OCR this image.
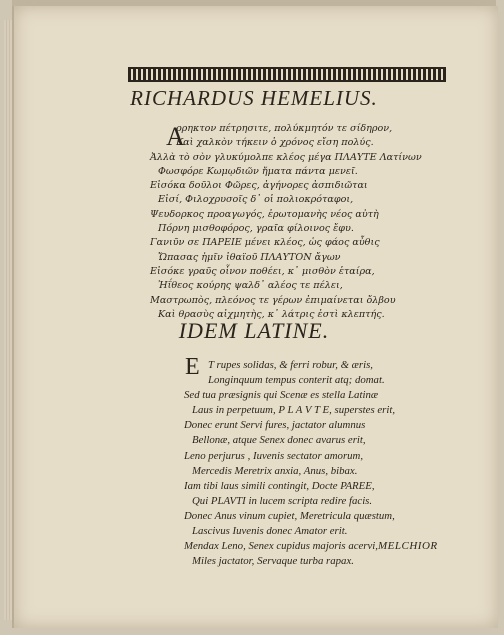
RICHARDUS HEMELIUS.
A
ρρηκτον πέτρησιτε, πολύκμητόν τε σίδηρον,
Καὶ χαλκὸν τήκειν ὁ χρόνος εἴση πολύς.
Ἀλλὰ τὸ σὸν γλυκύμολπε κλέος μέγα ΠΛΑΥΤΕ Λατίνων
Φωσφόρε Κωμῳδιῶν ἤματα πάντα μενεῖ.
Εἰσόκα δοῦλοι Φῶρες, ἀγήνορες ἀσπιδιῶται
Εἰσί, Φιλοχρυσοῖς δ᾽ οἱ πολιοκρόταφοι,
Ψευδορκος προαγωγός, ἐρωτομανὴς νέος αὐτὴ
Πόρνη μισθοφόρος, γραῖα φίλοινος ἔφυ.
Γανιῦν σε ΠΑΡΕΙΕ μένει κλέος, ὡς φάος αὖθις
Ὤπασας ἡμῖν ἰθαϊοῦ ΠΛΑΥΤΟΝ ἄγων
Εἰσόκε γραῦς οἶνον ποθέει, κ᾽ μισθὸν ἑταίρα,
Ἠΐθεος κούρης ψαλδ᾽ αλέος τε πέλει,
Μαστρωπὸς, πλεόνος τε γέρων ἐπιμαίνεται ὄλβου
Καὶ θρασὺς αἰχμητὴς, κ᾽ λάτρις ἐστὶ κλεπτής.
IDEM LATINE.
E T rupes solidas, & ferri robur, & æris,
Longinquum tempus conterit atq; domat.
Sed tua præsignis qui Scenæ es stella Latinæ
Laus in perpetuum, P L A V T E, superstes erit,
Donec erunt Servi fures, jactator alumnus
Bellonæ, atque Senex donec avarus erit,
Leno perjurus , Iuvenis sectator amorum,
Mercedis Meretrix anxia, Anus, bibax.
Iam tibi laus simili contingit, Docte PAREE,
Qui PLAVTI in lucem scripta redire facis.
Donec Anus vinum cupiet, Meretricula quæstum,
Lascivus Iuvenis donec Amator erit.
Mendax Leno, Senex cupidus majoris acervi,
Miles jactator, Servaque turba rapax.
MELCHIOR
